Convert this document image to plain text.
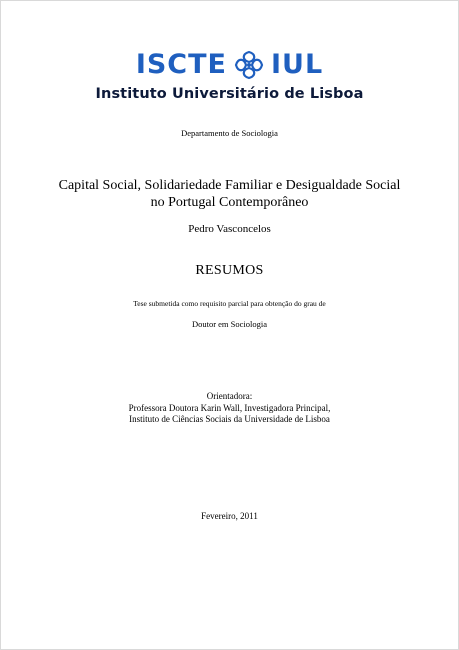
ISCTE IUL
Instituto Universitário de Lisboa
Departamento de Sociologia
Capital Social, Solidariedade Familiar e Desigualdade Social
no Portugal Contemporâneo
Pedro Vasconcelos
RESUMOS
Tese submetida como requisito parcial para obtenção do grau de
Doutor em Sociologia
Orientadora:
Professora Doutora Karin Wall, Investigadora Principal,
Instituto de Ciências Sociais da Universidade de Lisboa
Fevereiro, 2011
